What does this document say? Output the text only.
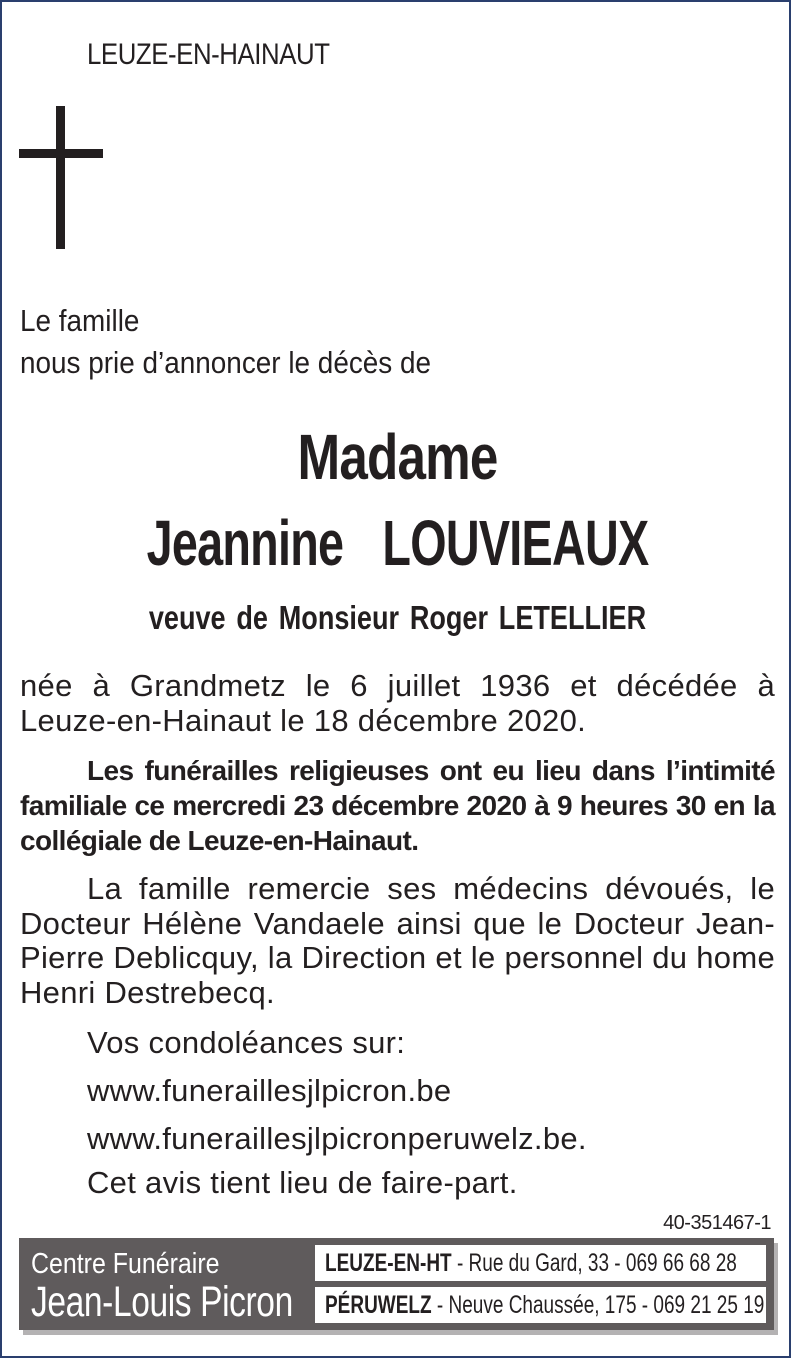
LEUZE-EN-HAINAUT
Le famille
nous prie d’annoncer le décès de
Madame
Jeannine  LOUVIEAUX
veuve de Monsieur Roger LETELLIER
née à Grandmetz le 6 juillet 1936 et décédée à Leuze-en-Hainaut le 18 décembre 2020.
Les funérailles religieuses ont eu lieu dans l’intimité familiale ce mercredi 23 décembre 2020 à 9 heures 30 en la collégiale de Leuze-en-Hainaut.
La famille remercie ses médecins dévoués, le Docteur Hélène Vandaele ainsi que le Docteur Jean-Pierre Deblicquy, la Direction et le personnel du home Henri Destrebecq.
Vos condoléances sur:
www.funeraillesjlpicron.be
www.funeraillesjlpicronperuwelz.be.
Cet avis tient lieu de faire-part.
40-351467-1
Centre Funéraire
Jean-Louis Picron
LEUZE-EN-HT - Rue du Gard, 33 - 069 66 68 28
PÉRUWELZ - Neuve Chaussée, 175 - 069 21 25 19
